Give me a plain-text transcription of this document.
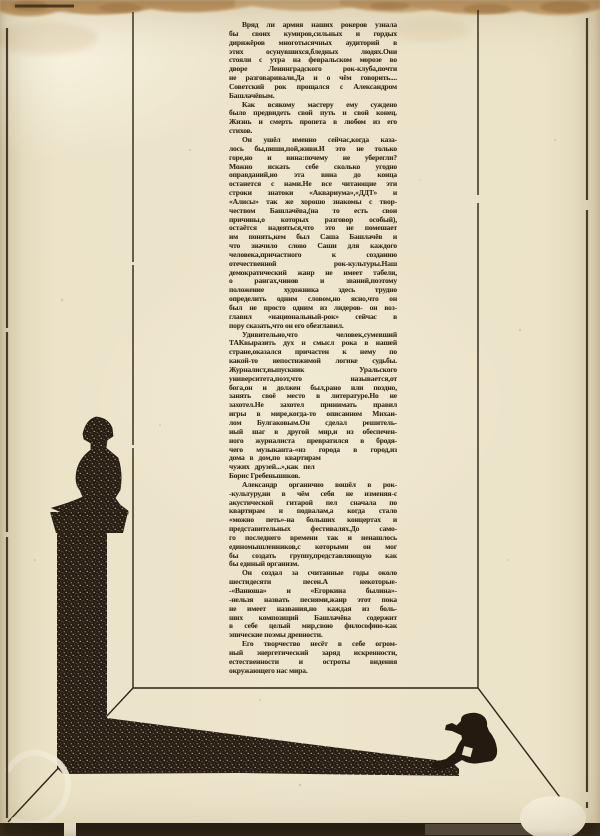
Вряд ли армия наших рокеров узнала
бы своих кумиров,сильных и гордых
дирижёров многотысячных аудиторий в
этих осунувшихся,бледных людях.Они
стояли с утра на февральском морозе во
дворе Ленинградского рок-клуба,почти
не разговаривали.Да и о чём говорить....
Советский рок прощался с Александром
Башлачёвым.
Как всякому мастеру ему суждено
было предвидеть свой путь и свой конец.
Жизнь и смерть пропета в любом из его
стихов.
Он ушёл именно сейчас,когда каза-
лось бы,пиши,пой,живи.И это не только
горе,но и вина:почему не уберегли?
Можно искать себе сколько угодно
оправданий,но эта вина до конца
останется с нами.Не все читающие эти
строки знатоки «Аквариума»,«ДДТ» и
«Алисы» так же хорошо знакомы с твор-
чеством Башлачёва,(на то есть свои
причины,о которых разговор особый),
остаётся надеяться,что это не помешает
им понять,кем был Саша Башлачёв и
что значило слово Саши для каждого
человека,причастного к созданию
отечественной рок-культуры.Наш
демократический жанр не имеет табели,
о рангах,чинов и званий,поэтому
положение художника здесь трудно
определить одним словом,но ясно,что он
был не просто одним из лидеров- он воз-
главил «национальный-рок» сейчас в
пору сказать,что он его обезглавил.
Удивительно,что человек,сумевший
ТАКвыразить дух и смысл рока в нашей
стране,оказался причастен к нему по
какой-то непостижимой логике судьбы.
Журналист,выпускник Уральского
университета,поэт,что называется,от
бога,он и должен был,рано или поздно,
занять своё место в литературе.Но не
захотел.Не захотел принимать правил
игры в мире,когда-то описанном Михаи-
лом Булгаковым.Он сделал решитель-
ный шаг в другой мир,и из обеспечен-
ного журналиста превратился в бродя-
чего музыканта-«из города в город,из
дома в дом,по квартирам
чужих друзей...»,как пел
Борис Гребеньшиков.
Александр органично вошёл в рок-
-культуру,ни в чём себя не изменяя-с
акустической гитарой пел сначала по
квартирам и подвалам,а когда стало
«можно петь»-на больших концертах и
представительных фестивалях.До само-
го последнего времени так и ненашлось
единомышленников,с которыми он мог
бы создать группу,представляющую как
бы единый организм.
Он создал за считанные годы около
шестидесяти песен.А некоторые-
-«Ванюша» и «Егоркина былина»-
-нельзя назвать песнями,жанр этот пока
не имеет названия,но каждая из боль-
ших композиций Башлачёва содержит
в себе целый мир,свою философию-как
эпические поэмы древности.
Его творчество несёт в себе огром-
ный энергетический заряд искренности,
естественности и остроты видения
окружающего нас мира.
